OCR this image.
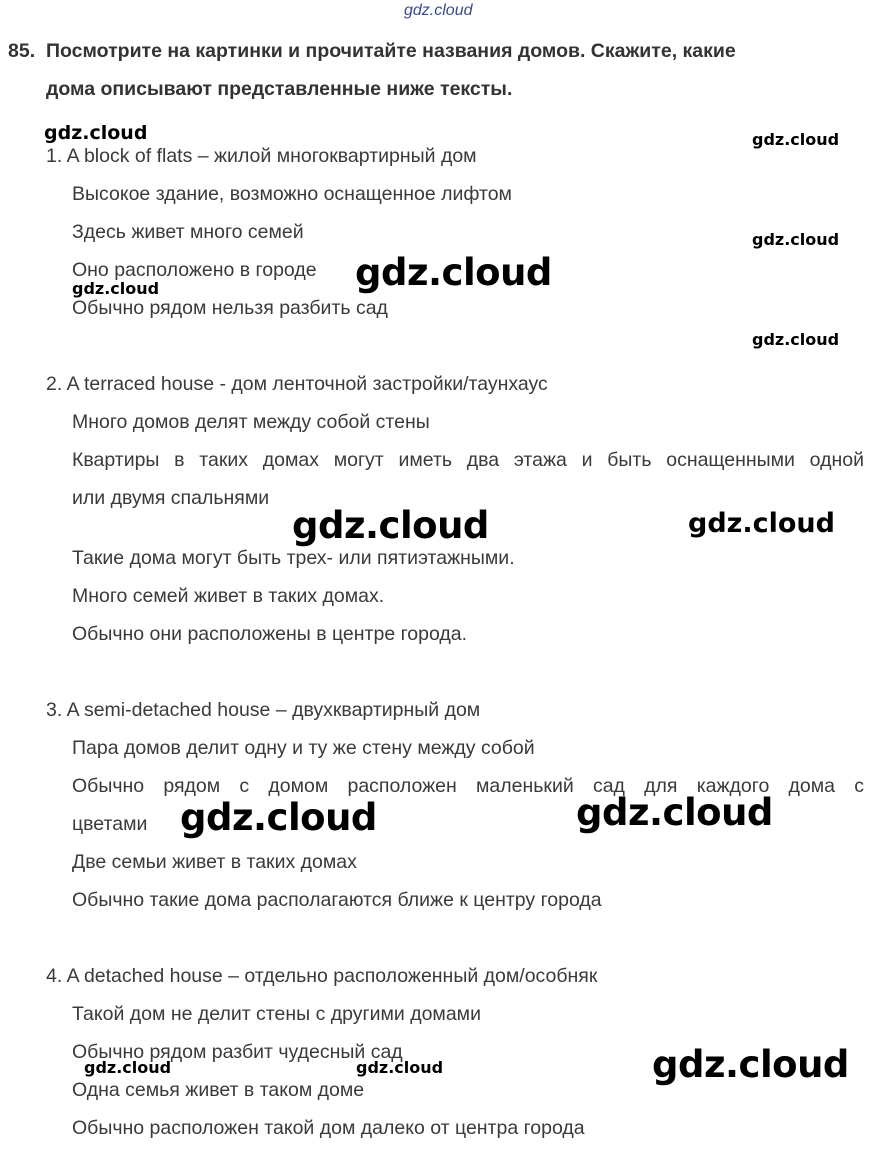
gdz.cloud
85. Посмотрите на картинки и прочитайте названия домов. Скажите, какие
дома описывают представленные ниже тексты.
1. A block of flats – жилой многоквартирный дом
Высокое здание, возможно оснащенное лифтом
Здесь живет много семей
Оно расположено в городе
Обычно рядом нельзя разбить сад
2. A terraced house - дом ленточной застройки/таунхаус
Много домов делят между собой стены
Квартиры в таких домах могут иметь два этажа и быть оснащенными одной
или двумя спальнями
Такие дома могут быть трех- или пятиэтажными.
Много семей живет в таких домах.
Обычно они расположены в центре города.
3. A semi-detached house – двухквартирный дом
Пара домов делит одну и ту же стену между собой
Обычно рядом с домом расположен маленький сад для каждого дома с
цветами
Две семьи живет в таких домах
Обычно такие дома располагаются ближе к центру города
4. A detached house – отдельно расположенный дом/особняк
Такой дом не делит стены с другими домами
Обычно рядом разбит чудесный сад
Одна семья живет в таком доме
Обычно расположен такой дом далеко от центра города
gdz.cloud	gdz.cloud
gdz.cloud
gdz.cloud
gdz.cloud
gdz.cloud
gdz.cloud	gdz.cloud
gdz.cloud	gdz.cloud
gdz.cloud
gdz.cloud	gdz.cloud
